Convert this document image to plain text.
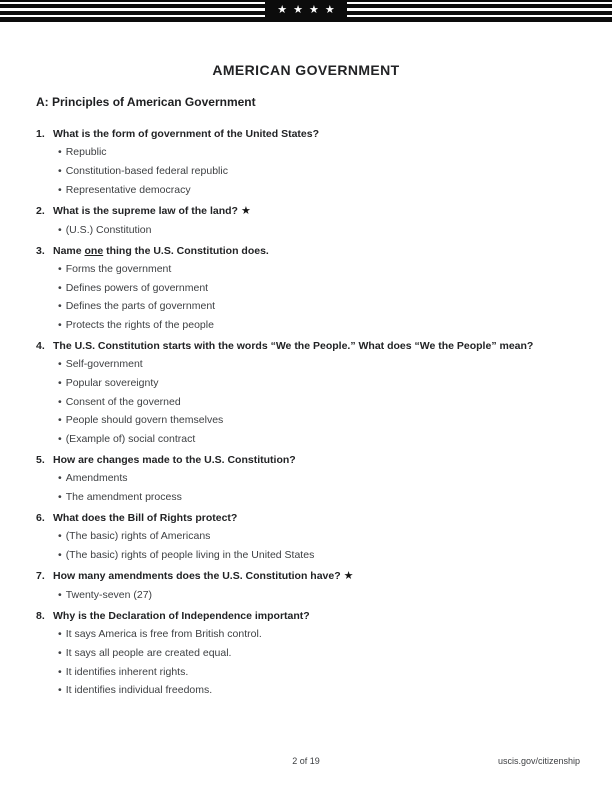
★ ★ ★ ★
AMERICAN GOVERNMENT
A: Principles of American Government
1. What is the form of government of the United States?
• Republic
• Constitution-based federal republic
• Representative democracy
2. What is the supreme law of the land? ★
• (U.S.) Constitution
3. Name one thing the U.S. Constitution does.
• Forms the government
• Defines powers of government
• Defines the parts of government
• Protects the rights of the people
4. The U.S. Constitution starts with the words “We the People.” What does “We the People” mean?
• Self-government
• Popular sovereignty
• Consent of the governed
• People should govern themselves
• (Example of) social contract
5. How are changes made to the U.S. Constitution?
• Amendments
• The amendment process
6. What does the Bill of Rights protect?
• (The basic) rights of Americans
• (The basic) rights of people living in the United States
7. How many amendments does the U.S. Constitution have? ★
• Twenty-seven (27)
8. Why is the Declaration of Independence important?
• It says America is free from British control.
• It says all people are created equal.
• It identifies inherent rights.
• It identifies individual freedoms.
2 of 19	uscis.gov/citizenship
